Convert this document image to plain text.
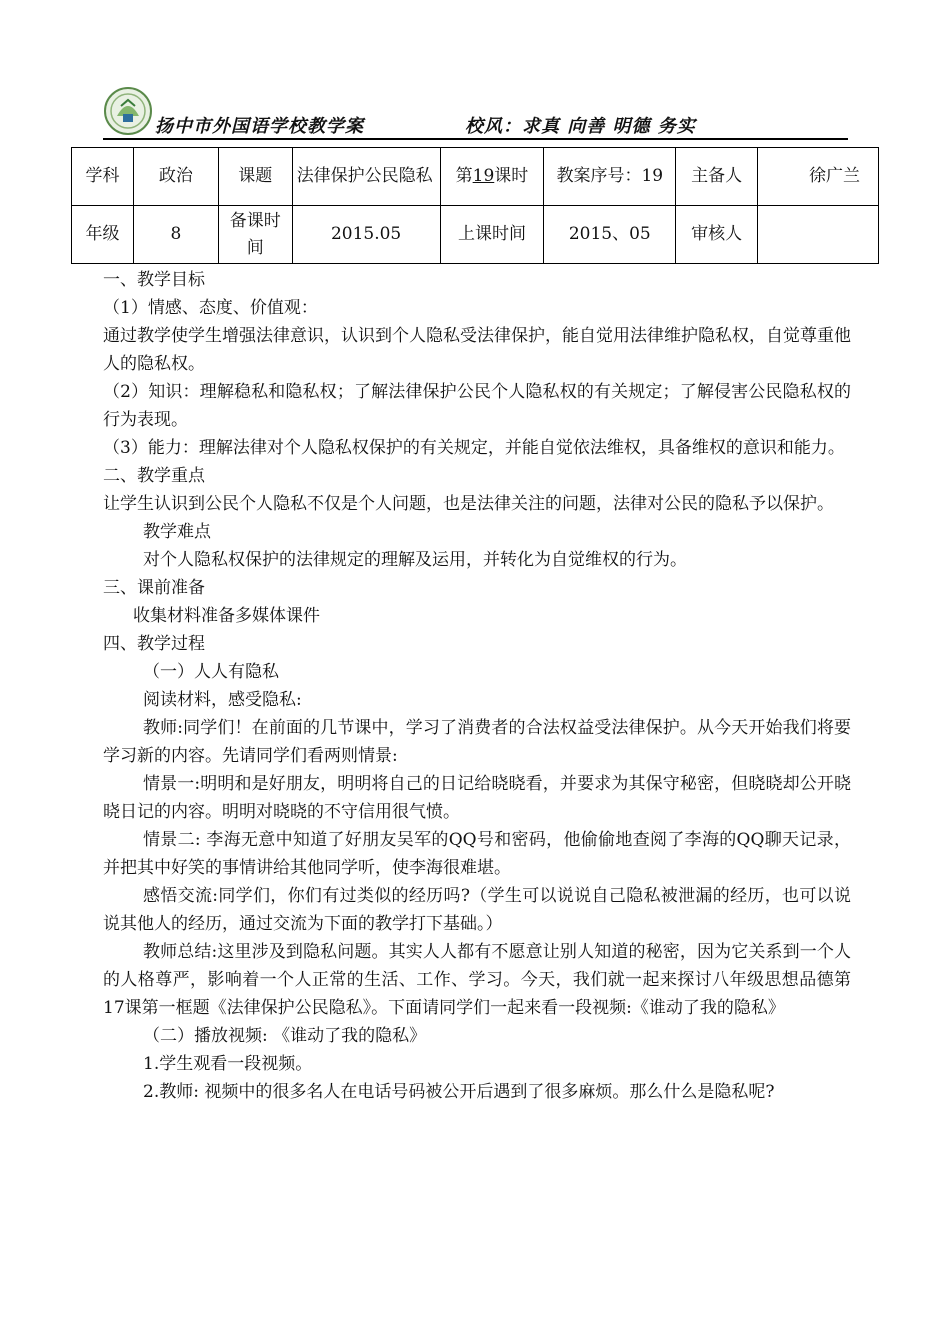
扬中市外国语学校教学案	校风：求真 向善 明德 务实
学科	政治	课题	法律保护公民隐私	第19课时	教案序号：19	主备人	徐广兰
年级	8	备课时间	2015.05	上课时间	2015、05	审核人	

一、教学目标

（1）情感、态度、价值观：

通过教学使学生增强法律意识，认识到个人隐私受法律保护，能自觉用法律维护隐私权，自觉尊重他人的隐私权。

（2）知识：理解稳私和隐私权；了解法律保护公民个人隐私权的有关规定；了解侵害公民隐私权的行为表现。

（3）能力：理解法律对个人隐私权保护的有关规定，并能自觉依法维权，具备维权的意识和能力。

二、教学重点

让学生认识到公民个人隐私不仅是个人问题，也是法律关注的问题，法律对公民的隐私予以保护。

教学难点

对个人隐私权保护的法律规定的理解及运用，并转化为自觉维权的行为。

三、课前准备

收集材料准备多媒体课件

四、教学过程

（一）人人有隐私

阅读材料，感受隐私:

教师:同学们！在前面的几节课中，学习了消费者的合法权益受法律保护。从今天开始我们将要学习新的内容。先请同学们看两则情景:

情景一:明明和是好朋友，明明将自己的日记给晓晓看，并要求为其保守秘密，但晓晓却公开晓晓日记的内容。明明对晓晓的不守信用很气愤。

情景二: 李海无意中知道了好朋友吴军的QQ号和密码，他偷偷地查阅了李海的QQ聊天记录，并把其中好笑的事情讲给其他同学听，使李海很难堪。

感悟交流:同学们，你们有过类似的经历吗?（学生可以说说自己隐私被泄漏的经历，也可以说说其他人的经历，通过交流为下面的教学打下基础。）

教师总结:这里涉及到隐私问题。其实人人都有不愿意让别人知道的秘密，因为它关系到一个人的人格尊严，影响着一个人正常的生活、工作、学习。今天，我们就一起来探讨八年级思想品德第17课第一框题《法律保护公民隐私》。下面请同学们一起来看一段视频:《谁动了我的隐私》

（二）播放视频: 《谁动了我的隐私》

1.学生观看一段视频。

2.教师: 视频中的很多名人在电话号码被公开后遇到了很多麻烦。那么什么是隐私呢?
